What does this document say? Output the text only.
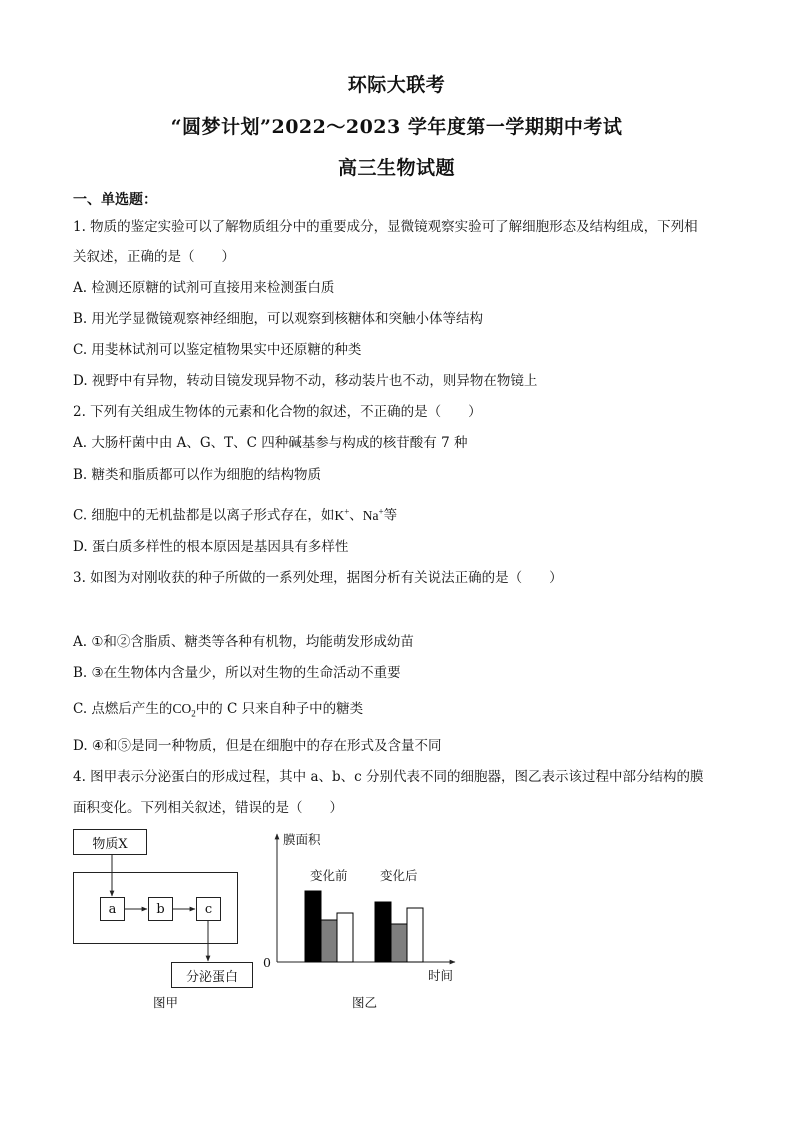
环际大联考
“圆梦计划”2022～2023 学年度第一学期期中考试
高三生物试题
一、单选题：
1. 物质的鉴定实验可以了解物质组分中的重要成分，显微镜观察实验可了解细胞形态及结构组成，下列相
关叙述，正确的是（　　）
A. 检测还原糖的试剂可直接用来检测蛋白质
B. 用光学显微镜观察神经细胞，可以观察到核糖体和突触小体等结构
C. 用斐林试剂可以鉴定植物果实中还原糖的种类
D. 视野中有异物，转动目镜发现异物不动，移动装片也不动，则异物在物镜上
2. 下列有关组成生物体的元素和化合物的叙述，不正确的是（　　）
A. 大肠杆菌中由 A、G、T、C 四种碱基参与构成的核苷酸有 7 种
B. 糖类和脂质都可以作为细胞的结构物质
C. 细胞中的无机盐都是以离子形式存在，如K+、Na+等
D. 蛋白质多样性的根本原因是基因具有多样性
3. 如图为对刚收获的种子所做的一系列处理，据图分析有关说法正确的是（　　）
A. ①和②含脂质、糖类等各种有机物，均能萌发形成幼苗
B. ③在生物体内含量少，所以对生物的生命活动不重要
C. 点燃后产生的$CO_2$中的 C 只来自种子中的糖类
D. ④和⑤是同一种物质，但是在细胞中的存在形式及含量不同
4. 图甲表示分泌蛋白的形成过程，其中 a、b、c 分别代表不同的细胞器，图乙表示该过程中部分结构的膜
面积变化。下列相关叙述，错误的是（　　）
物质X
a	b	c
分泌蛋白
图甲
膜面积
时间
0
变化前	变化后
图乙
